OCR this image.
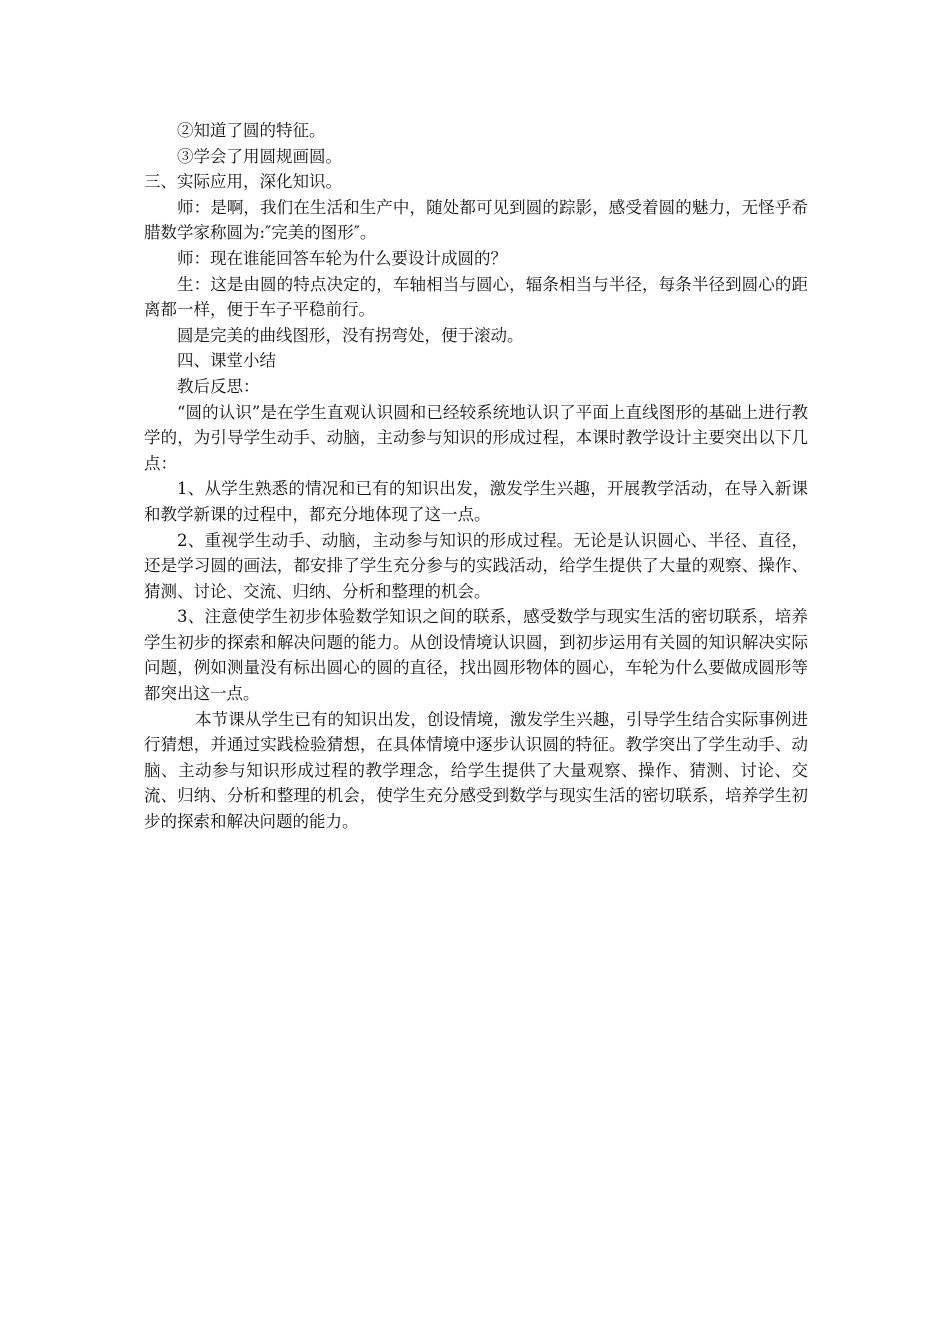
②知道了圆的特征。

③学会了用圆规画圆。

三、实际应用，深化知识。

师：是啊，我们在生活和生产中，随处都可见到圆的踪影，感受着圆的魅力，无怪乎希腊数学家称圆为:″完美的图形″。

师：现在谁能回答车轮为什么要设计成圆的？

生：这是由圆的特点决定的，车轴相当与圆心，辐条相当与半径，每条半径到圆心的距离都一样，便于车子平稳前行。

圆是完美的曲线图形，没有拐弯处，便于滚动。

四、课堂小结

教后反思：

“圆的认识”是在学生直观认识圆和已经较系统地认识了平面上直线图形的基础上进行教学的，为引导学生动手、动脑，主动参与知识的形成过程，本课时教学设计主要突出以下几点：

1、从学生熟悉的情况和已有的知识出发，激发学生兴趣，开展教学活动，在导入新课和教学新课的过程中，都充分地体现了这一点。

2、重视学生动手、动脑，主动参与知识的形成过程。无论是认识圆心、半径、直径，还是学习圆的画法，都安排了学生充分参与的实践活动，给学生提供了大量的观察、操作、猜测、讨论、交流、归纳、分析和整理的机会。

3、注意使学生初步体验数学知识之间的联系，感受数学与现实生活的密切联系，培养学生初步的探索和解决问题的能力。从创设情境认识圆，到初步运用有关圆的知识解决实际问题，例如测量没有标出圆心的圆的直径，找出圆形物体的圆心，车轮为什么要做成圆形等都突出这一点。

本节课从学生已有的知识出发，创设情境，激发学生兴趣，引导学生结合实际事例进行猜想，并通过实践检验猜想，在具体情境中逐步认识圆的特征。教学突出了学生动手、动脑、主动参与知识形成过程的教学理念，给学生提供了大量观察、操作、猜测、讨论、交流、归纳、分析和整理的机会，使学生充分感受到数学与现实生活的密切联系，培养学生初步的探索和解决问题的能力。
